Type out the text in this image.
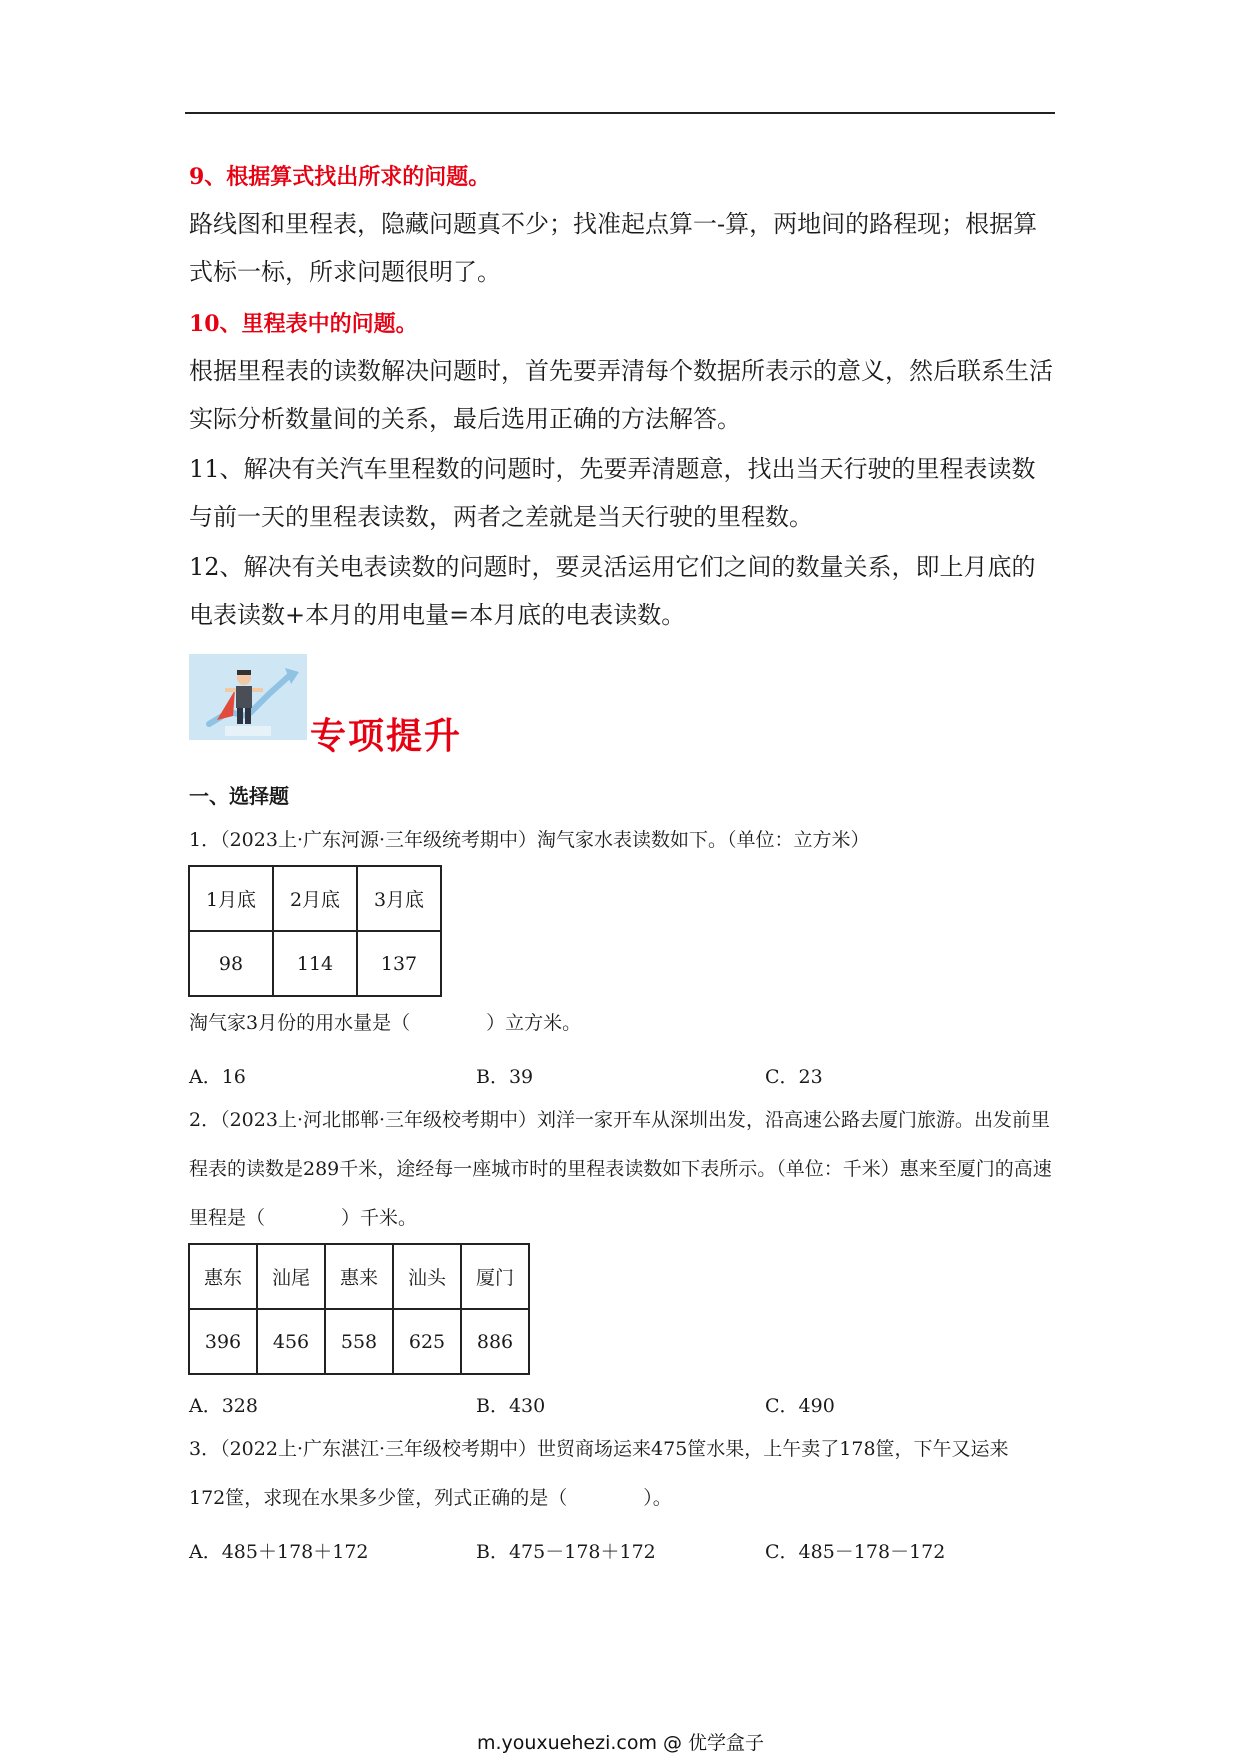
9、根据算式找出所求的问题。
路线图和里程表，隐藏问题真不少；找准起点算一-算，两地间的路程现；根据算式标一标，所求问题很明了。
10、里程表中的问题。
根据里程表的读数解决问题时，首先要弄清每个数据所表示的意义，然后联系生活实际分析数量间的关系，最后选用正确的方法解答。
11、解决有关汽车里程数的问题时，先要弄清题意，找出当天行驶的里程表读数与前一天的里程表读数，两者之差就是当天行驶的里程数。
12、解决有关电表读数的问题时，要灵活运用它们之间的数量关系，即上月底的电表读数+本月的用电量=本月底的电表读数。
专项提升
一、选择题
1．（2023上·广东河源·三年级统考期中）淘气家水表读数如下。（单位：立方米）
1月底	2月底	3月底
98	114	137
淘气家3月份的用水量是（　　　　）立方米。
A．16	B．39	C．23
2．（2023上·河北邯郸·三年级校考期中）刘洋一家开车从深圳出发，沿高速公路去厦门旅游。出发前里程表的读数是289千米，途经每一座城市时的里程表读数如下表所示。（单位：千米）惠来至厦门的高速里程是（　　　　）千米。
惠东	汕尾	惠来	汕头	厦门
396	456	558	625	886
A．328	B．430	C．490
3．（2022上·广东湛江·三年级校考期中）世贸商场运来475筐水果，上午卖了178筐，下午又运来172筐，求现在水果多少筐，列式正确的是（　　　　）。
A．485＋178＋172	B．475－178＋172	C．485－178－172
m.youxuehezi.com @ 优学盒子
